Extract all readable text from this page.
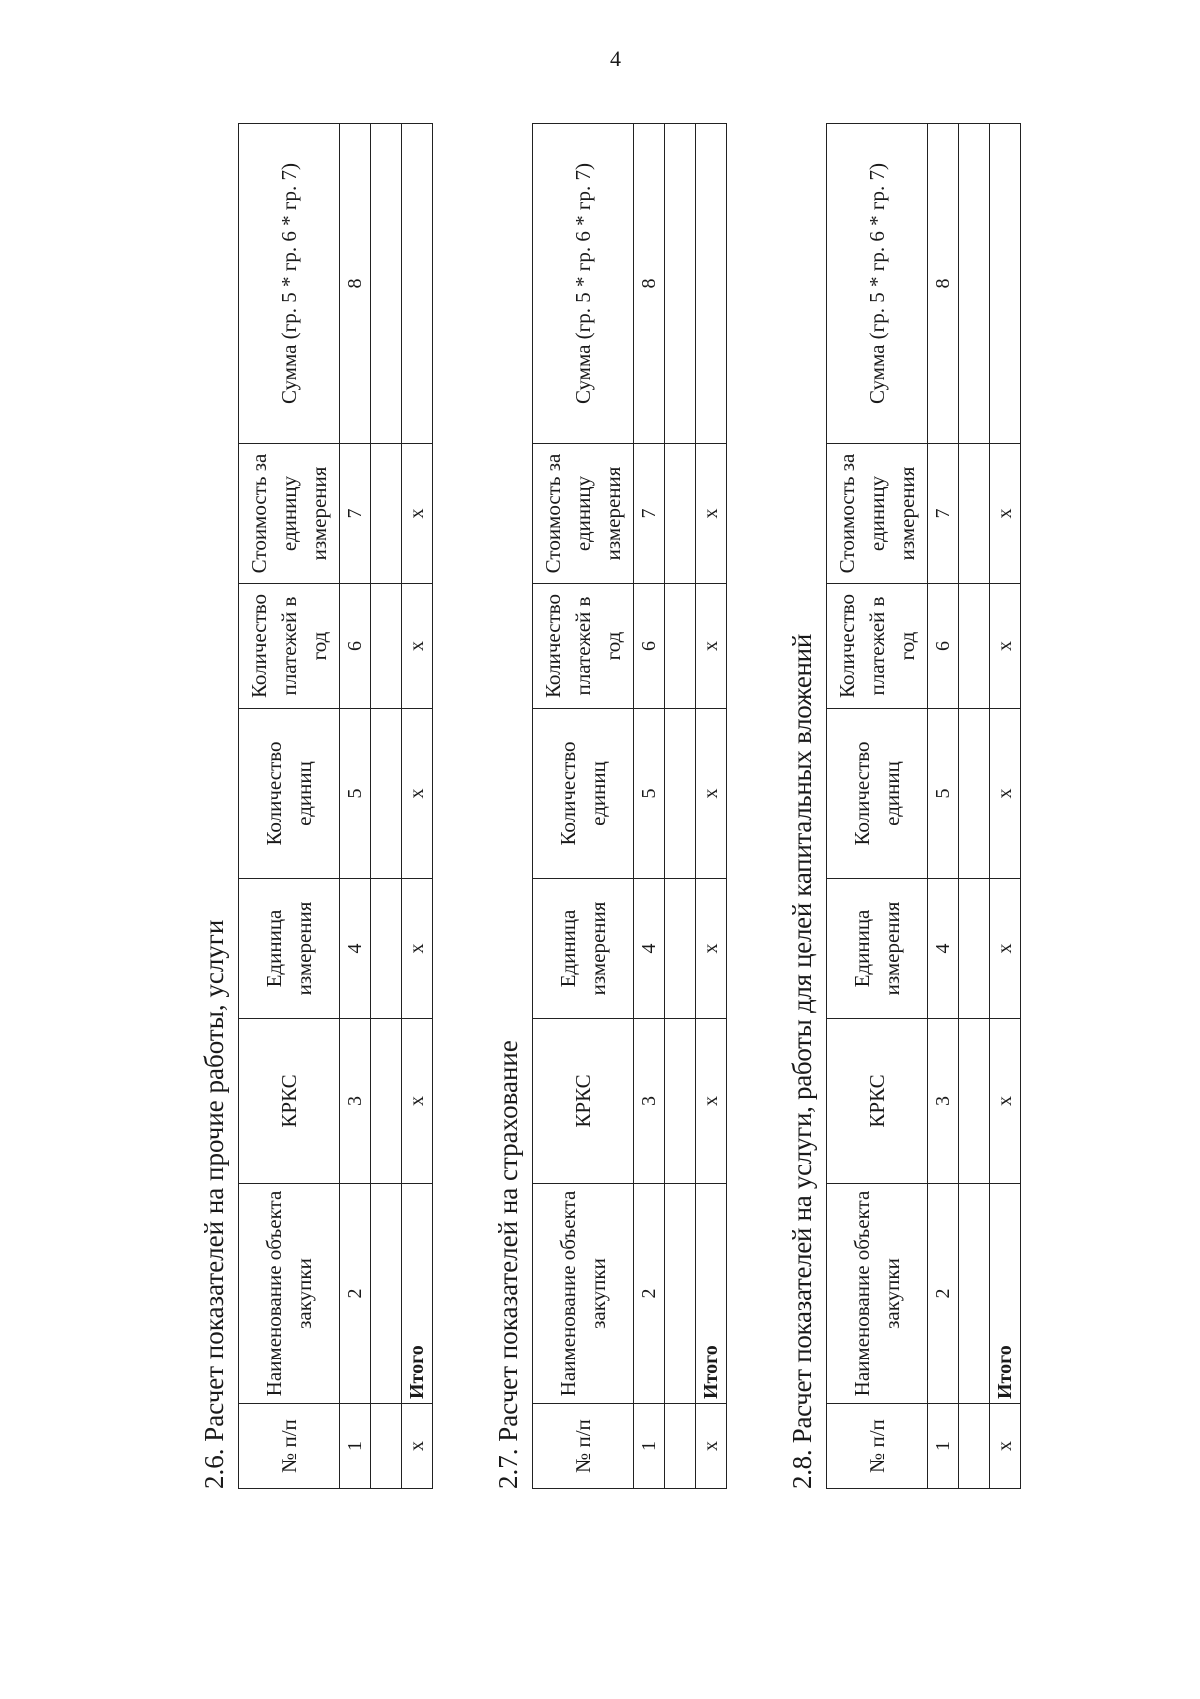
4
2.6. Расчет показателей на прочие работы, услуги	№ п/п	Наименование объекта закупки	КРКС	Единица измерения	Количество единиц	Количество платежей в год	Стоимость за единицу измерения	Сумма (гр. 5 * гр. 6 * гр. 7)
1	2	3	4	5	6	7	8

x	Итого	x	x	x	x	x	
2.7. Расчет показателей на страхование	№ п/п	Наименование объекта закупки	КРКС	Единица измерения	Количество единиц	Количество платежей в год	Стоимость за единицу измерения	Сумма (гр. 5 * гр. 6 * гр. 7)
1	2	3	4	5	6	7	8

x	Итого	x	x	x	x	x	
2.8. Расчет показателей на услуги, работы для целей капитальных вложений	№ п/п	Наименование объекта закупки	КРКС	Единица измерения	Количество единиц	Количество платежей в год	Стоимость за единицу измерения	Сумма (гр. 5 * гр. 6 * гр. 7)
1	2	3	4	5	6	7	8

x	Итого	x	x	x	x	x	
